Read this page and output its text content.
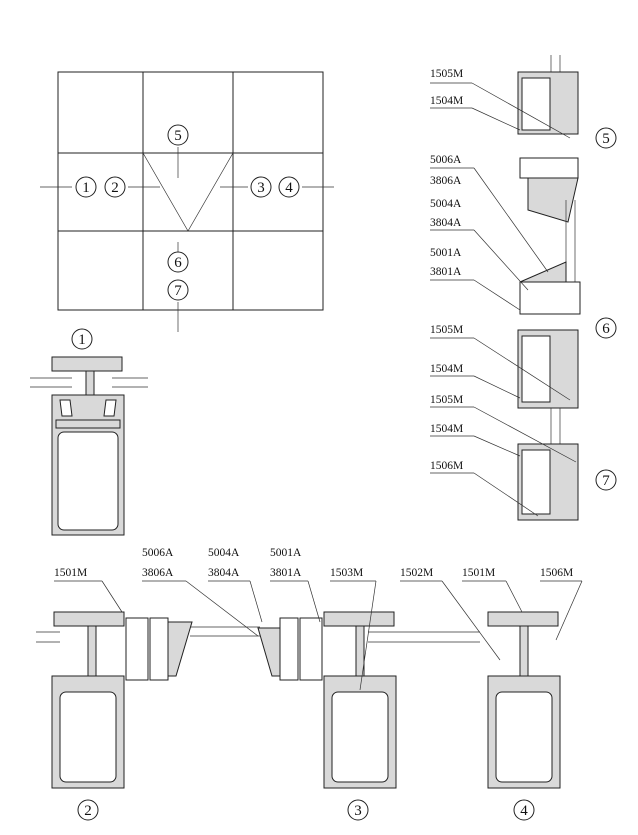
1 2	3 4
5
6
7
1
1501M
5006A
3806A
5004A
3804A
5001A
3801A 1503M	1502M	1501M	1506M
2	3	4
1505M
1504M
5006A
3806A
5004A
3804A
5001A
3801A
1505M
1504M
1505M
1504M
1506M
5
6
7
